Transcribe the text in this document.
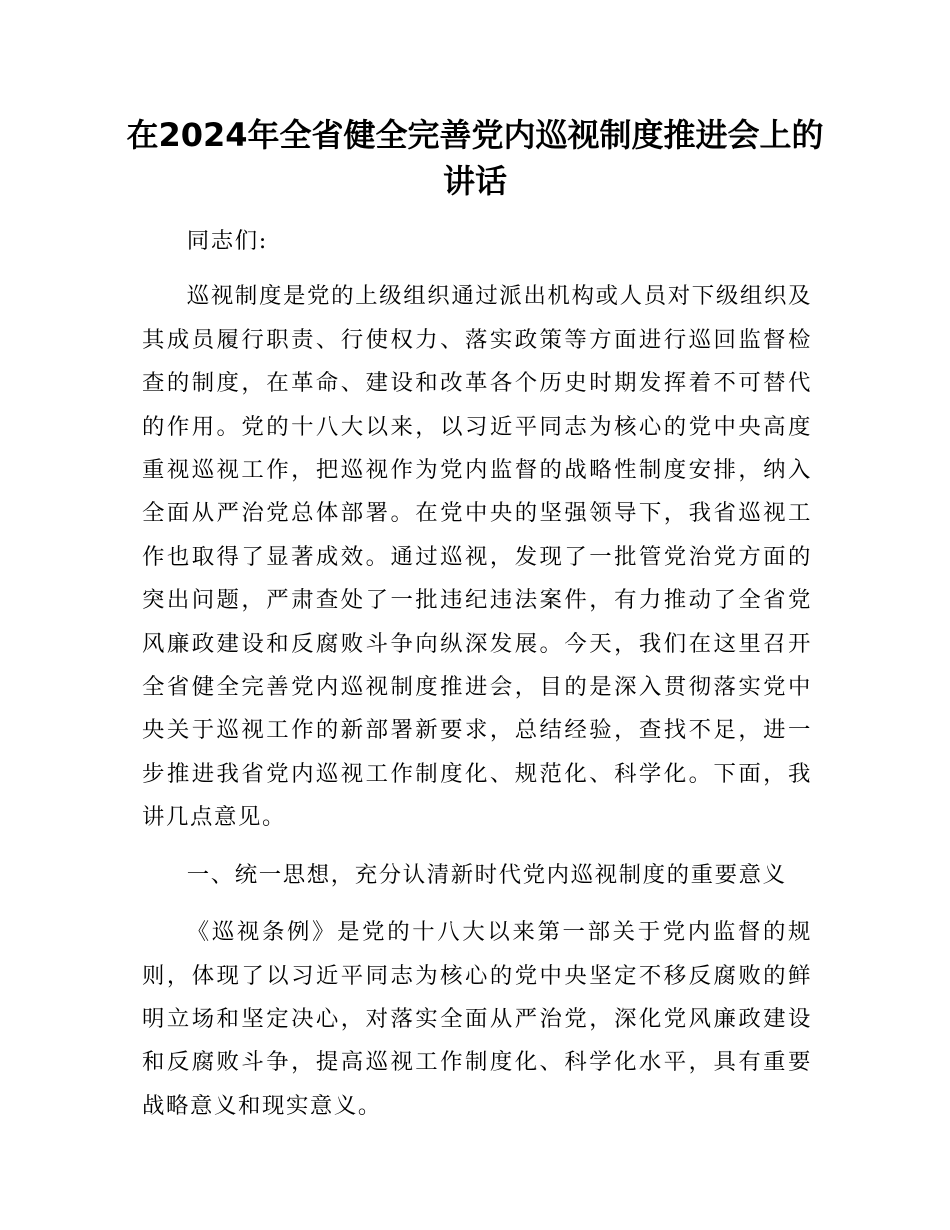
在2024年全省健全完善党内巡视制度推进会上的讲话

同志们:

巡视制度是党的上级组织通过派出机构或人员对下级组织及其成员履行职责、行使权力、落实政策等方面进行巡回监督检查的制度，在革命、建设和改革各个历史时期发挥着不可替代的作用。党的十八大以来，以习近平同志为核心的党中央高度重视巡视工作，把巡视作为党内监督的战略性制度安排，纳入全面从严治党总体部署。在党中央的坚强领导下，我省巡视工作也取得了显著成效。通过巡视，发现了一批管党治党方面的突出问题，严肃查处了一批违纪违法案件，有力推动了全省党风廉政建设和反腐败斗争向纵深发展。今天，我们在这里召开全省健全完善党内巡视制度推进会，目的是深入贯彻落实党中央关于巡视工作的新部署新要求，总结经验，查找不足，进一步推进我省党内巡视工作制度化、规范化、科学化。下面，我讲几点意见。

一、统一思想，充分认清新时代党内巡视制度的重要意义

《巡视条例》是党的十八大以来第一部关于党内监督的规则，体现了以习近平同志为核心的党中央坚定不移反腐败的鲜明立场和坚定决心，对落实全面从严治党，深化党风廉政建设和反腐败斗争，提高巡视工作制度化、科学化水平，具有重要战略意义和现实意义。
